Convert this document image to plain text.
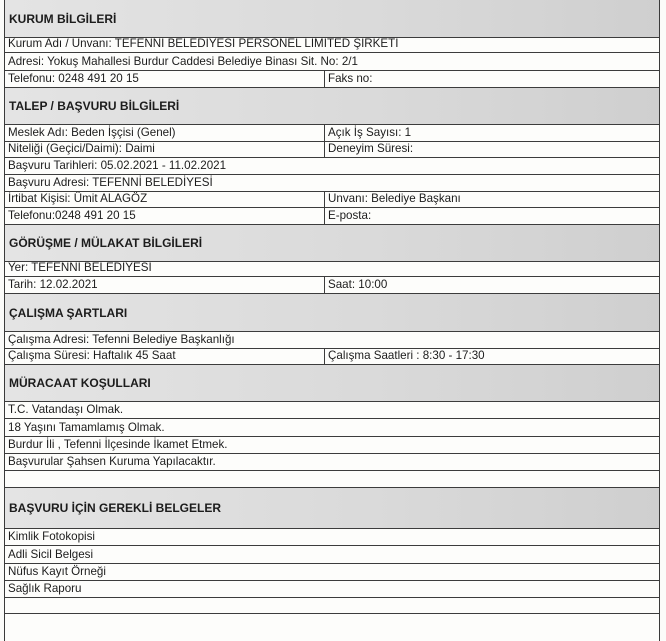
KURUM BİLGİLERİ
Kurum Adı / Unvanı: TEFENNİ BELEDİYESİ PERSONEL LİMİTED ŞİRKETİ
Adresi: Yokuş Mahallesi Burdur Caddesi Belediye Binası Sit. No: 2/1
Telefonu: 0248 491 20 15	Faks no:
TALEP / BAŞVURU BİLGİLERİ
Meslek Adı: Beden İşçisi (Genel)	Açık İş Sayısı: 1
Niteliği (Geçici/Daimi): Daimi	Deneyim Süresi:
Başvuru Tarihleri: 05.02.2021 - 11.02.2021
Başvuru Adresi: TEFENNİ BELEDİYESİ
İrtibat Kişisi: Ümit ALAGÖZ	Unvanı: Belediye Başkanı
Telefonu:0248 491 20 15	E-posta:
GÖRÜŞME / MÜLAKAT BİLGİLERİ
Yer: TEFENNİ BELEDİYESİ
Tarih: 12.02.2021	Saat: 10:00
ÇALIŞMA ŞARTLARI
Çalışma Adresi: Tefenni Belediye Başkanlığı
Çalışma Süresi: Haftalık 45 Saat	Çalışma Saatleri : 8:30 - 17:30
MÜRACAAT KOŞULLARI
T.C. Vatandaşı Olmak.
18 Yaşını Tamamlamış Olmak.
Burdur İli , Tefenni İlçesinde İkamet Etmek.
Başvurular Şahsen Kuruma Yapılacaktır.
BAŞVURU İÇİN GEREKLİ BELGELER
Kimlik Fotokopisi
Adli Sicil Belgesi
Nüfus Kayıt Örneği
Sağlık Raporu
